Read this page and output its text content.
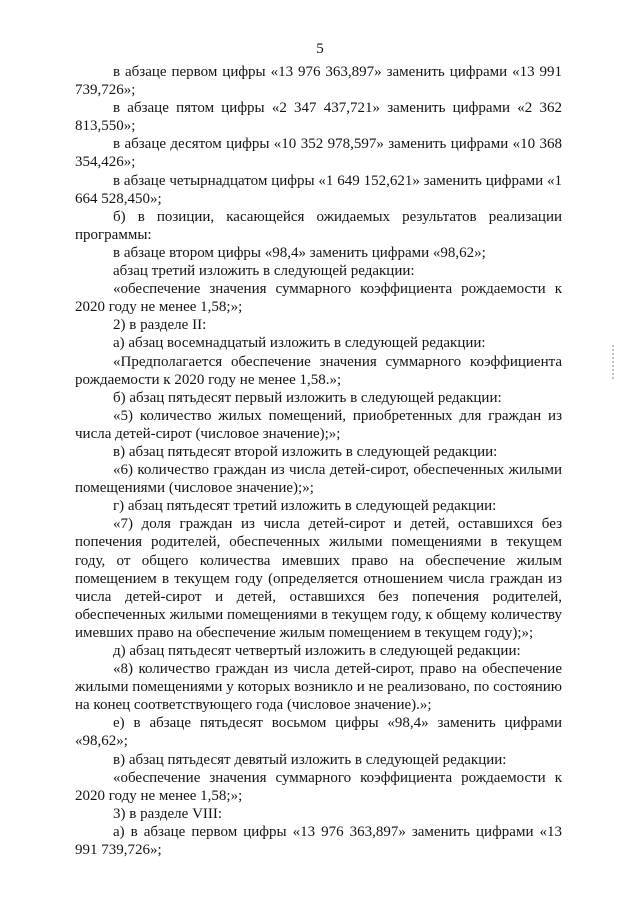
5

в абзаце первом цифры «13 976 363,897» заменить цифрами «13 991 739,726»;

в абзаце пятом цифры «2 347 437,721» заменить цифрами «2 362 813,550»;

в абзаце десятом цифры «10 352 978,597» заменить цифрами «10 368 354,426»;

в абзаце четырнадцатом цифры «1 649 152,621» заменить цифрами «1 664 528,450»;

б) в позиции, касающейся ожидаемых результатов реализации программы:

в абзаце втором цифры «98,4» заменить цифрами «98,62»;

абзац третий изложить в следующей редакции:

«обеспечение значения суммарного коэффициента рождаемости к 2020 году не менее 1,58;»;

2) в разделе II:

а) абзац восемнадцатый изложить в следующей редакции:

«Предполагается обеспечение значения суммарного коэффициента рождаемости к 2020 году не менее 1,58.»;

б) абзац пятьдесят первый изложить в следующей редакции:

«5) количество жилых помещений, приобретенных для граждан из числа детей-сирот (числовое значение);»;

в) абзац пятьдесят второй изложить в следующей редакции:

«6) количество граждан из числа детей-сирот, обеспеченных жилыми помещениями (числовое значение);»;

г) абзац пятьдесят третий изложить в следующей редакции:

«7) доля граждан из числа детей-сирот и детей, оставшихся без попечения родителей, обеспеченных жилыми помещениями в текущем году, от общего количества имевших право на обеспечение жилым помещением в текущем году (определяется отношением числа граждан из числа детей-сирот и детей, оставшихся без попечения родителей, обеспеченных жилыми помещениями в текущем году, к общему количеству имевших право на обеспечение жилым помещением в текущем году);»;

д) абзац пятьдесят четвертый изложить в следующей редакции:

«8) количество граждан из числа детей-сирот, право на обеспечение жилыми помещениями у которых возникло и не реализовано, по состоянию на конец соответствующего года (числовое значение).»;

е) в абзаце пятьдесят восьмом цифры «98,4» заменить цифрами «98,62»;

в) абзац пятьдесят девятый изложить в следующей редакции:

«обеспечение значения суммарного коэффициента рождаемости к 2020 году не менее 1,58;»;

3) в разделе VIII:

а) в абзаце первом цифры «13 976 363,897» заменить цифрами «13 991 739,726»;
